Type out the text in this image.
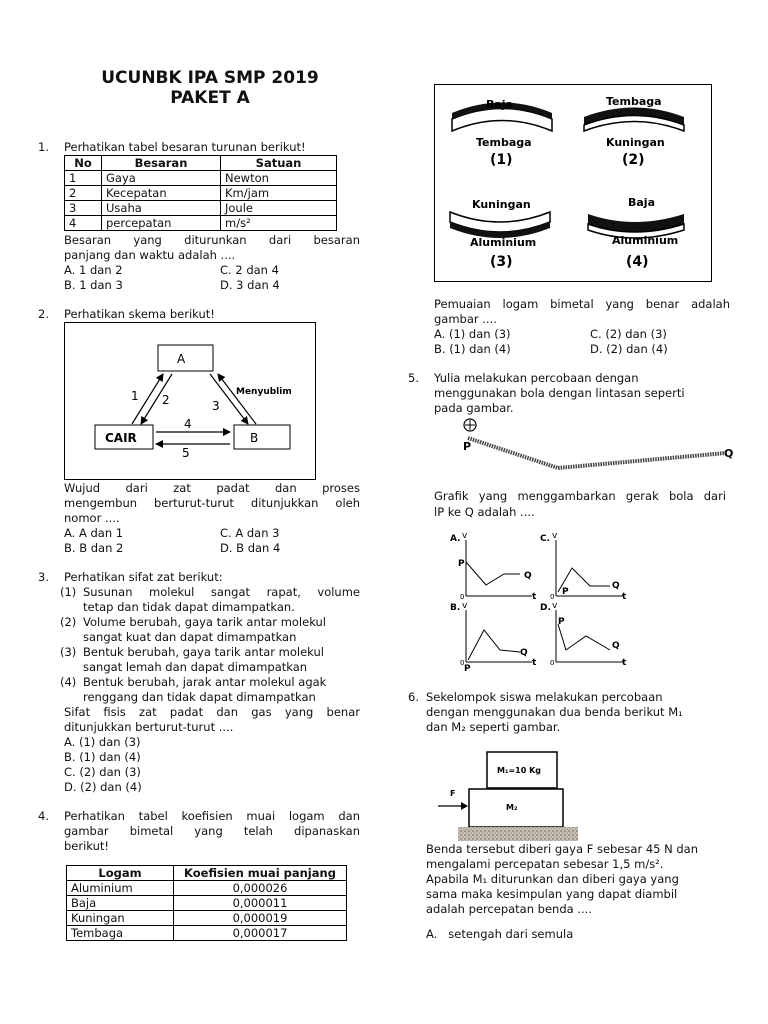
UCUNBK IPA SMP 2019
PAKET A
1. Perhatikan tabel besaran turunan berikut!
No	Besaran	Satuan
1	Gaya	Newton
2	Kecepatan	Km/jam
3	Usaha	Joule
4	percepatan	m/s²
Besaran yang diturunkan dari besaran
panjang dan waktu adalah ....
A. 1 dan 2	C. 2 dan 4
B. 1 dan 3	D. 3 dan 4
2. Perhatikan skema berikut!
A
CAIR	B
1 2	3
4
5
Menyublim
Wujud dari zat padat dan proses
mengembun berturut-turut ditunjukkan oleh
nomor ....
A. A dan 1	C. A dan 3
B. B dan 2	D. B dan 4
3. Perhatikan sifat zat berikut:
(1) Susunan molekul sangat rapat, volume
tetap dan tidak dapat dimampatkan.
(2) Volume berubah, gaya tarik antar molekul
sangat kuat dan dapat dimampatkan
(3) Bentuk berubah, gaya tarik antar molekul
sangat lemah dan dapat dimampatkan
(4) Bentuk berubah, jarak antar molekul agak
renggang dan tidak dapat dimampatkan
Sifat fisis zat padat dan gas yang benar
ditunjukkan berturut-turut ....
A. (1) dan (3)
B. (1) dan (4)
C. (2) dan (3)
D. (2) dan (4)
4. Perhatikan tabel koefisien muai logam dan
gambar bimetal yang telah dipanaskan
berikut!
Logam	Koefisien muai panjang
Aluminium	0,000026
Baja	0,000011
Kuningan	0,000019
Tembaga	0,000017
Baja
Tembaga
(1)
Tembaga
Kuningan
(2)
Kuningan
Aluminium
(3)
Baja
Aluminium
(4)
Pemuaian logam bimetal yang benar adalah
gambar ....
A. (1) dan (3)	C. (2) dan (3)
B. (1) dan (4)	D. (2) dan (4)
5. Yulia melakukan percobaan dengan
menggunakan bola dengan lintasan seperti
pada gambar.
P
Q
Grafik yang menggambarkan gerak bola dari
lP ke Q adalah ....
A. v
P
Q
0	t
C. v
P
Q
0	t
B. v
P
Q
0	t
D. v
P
Q
0	t
6. Sekelompok siswa melakukan percobaan
dengan menggunakan dua benda berikut M₁
dan M₂ seperti gambar.
M₁=10 Kg
M₂
F
Benda tersebut diberi gaya F sebesar 45 N dan
mengalami percepatan sebesar 1,5 m/s².
Apabila M₁ diturunkan dan diberi gaya yang
sama maka kesimpulan yang dapat diambil
adalah percepatan benda ....
A.   setengah dari semula
